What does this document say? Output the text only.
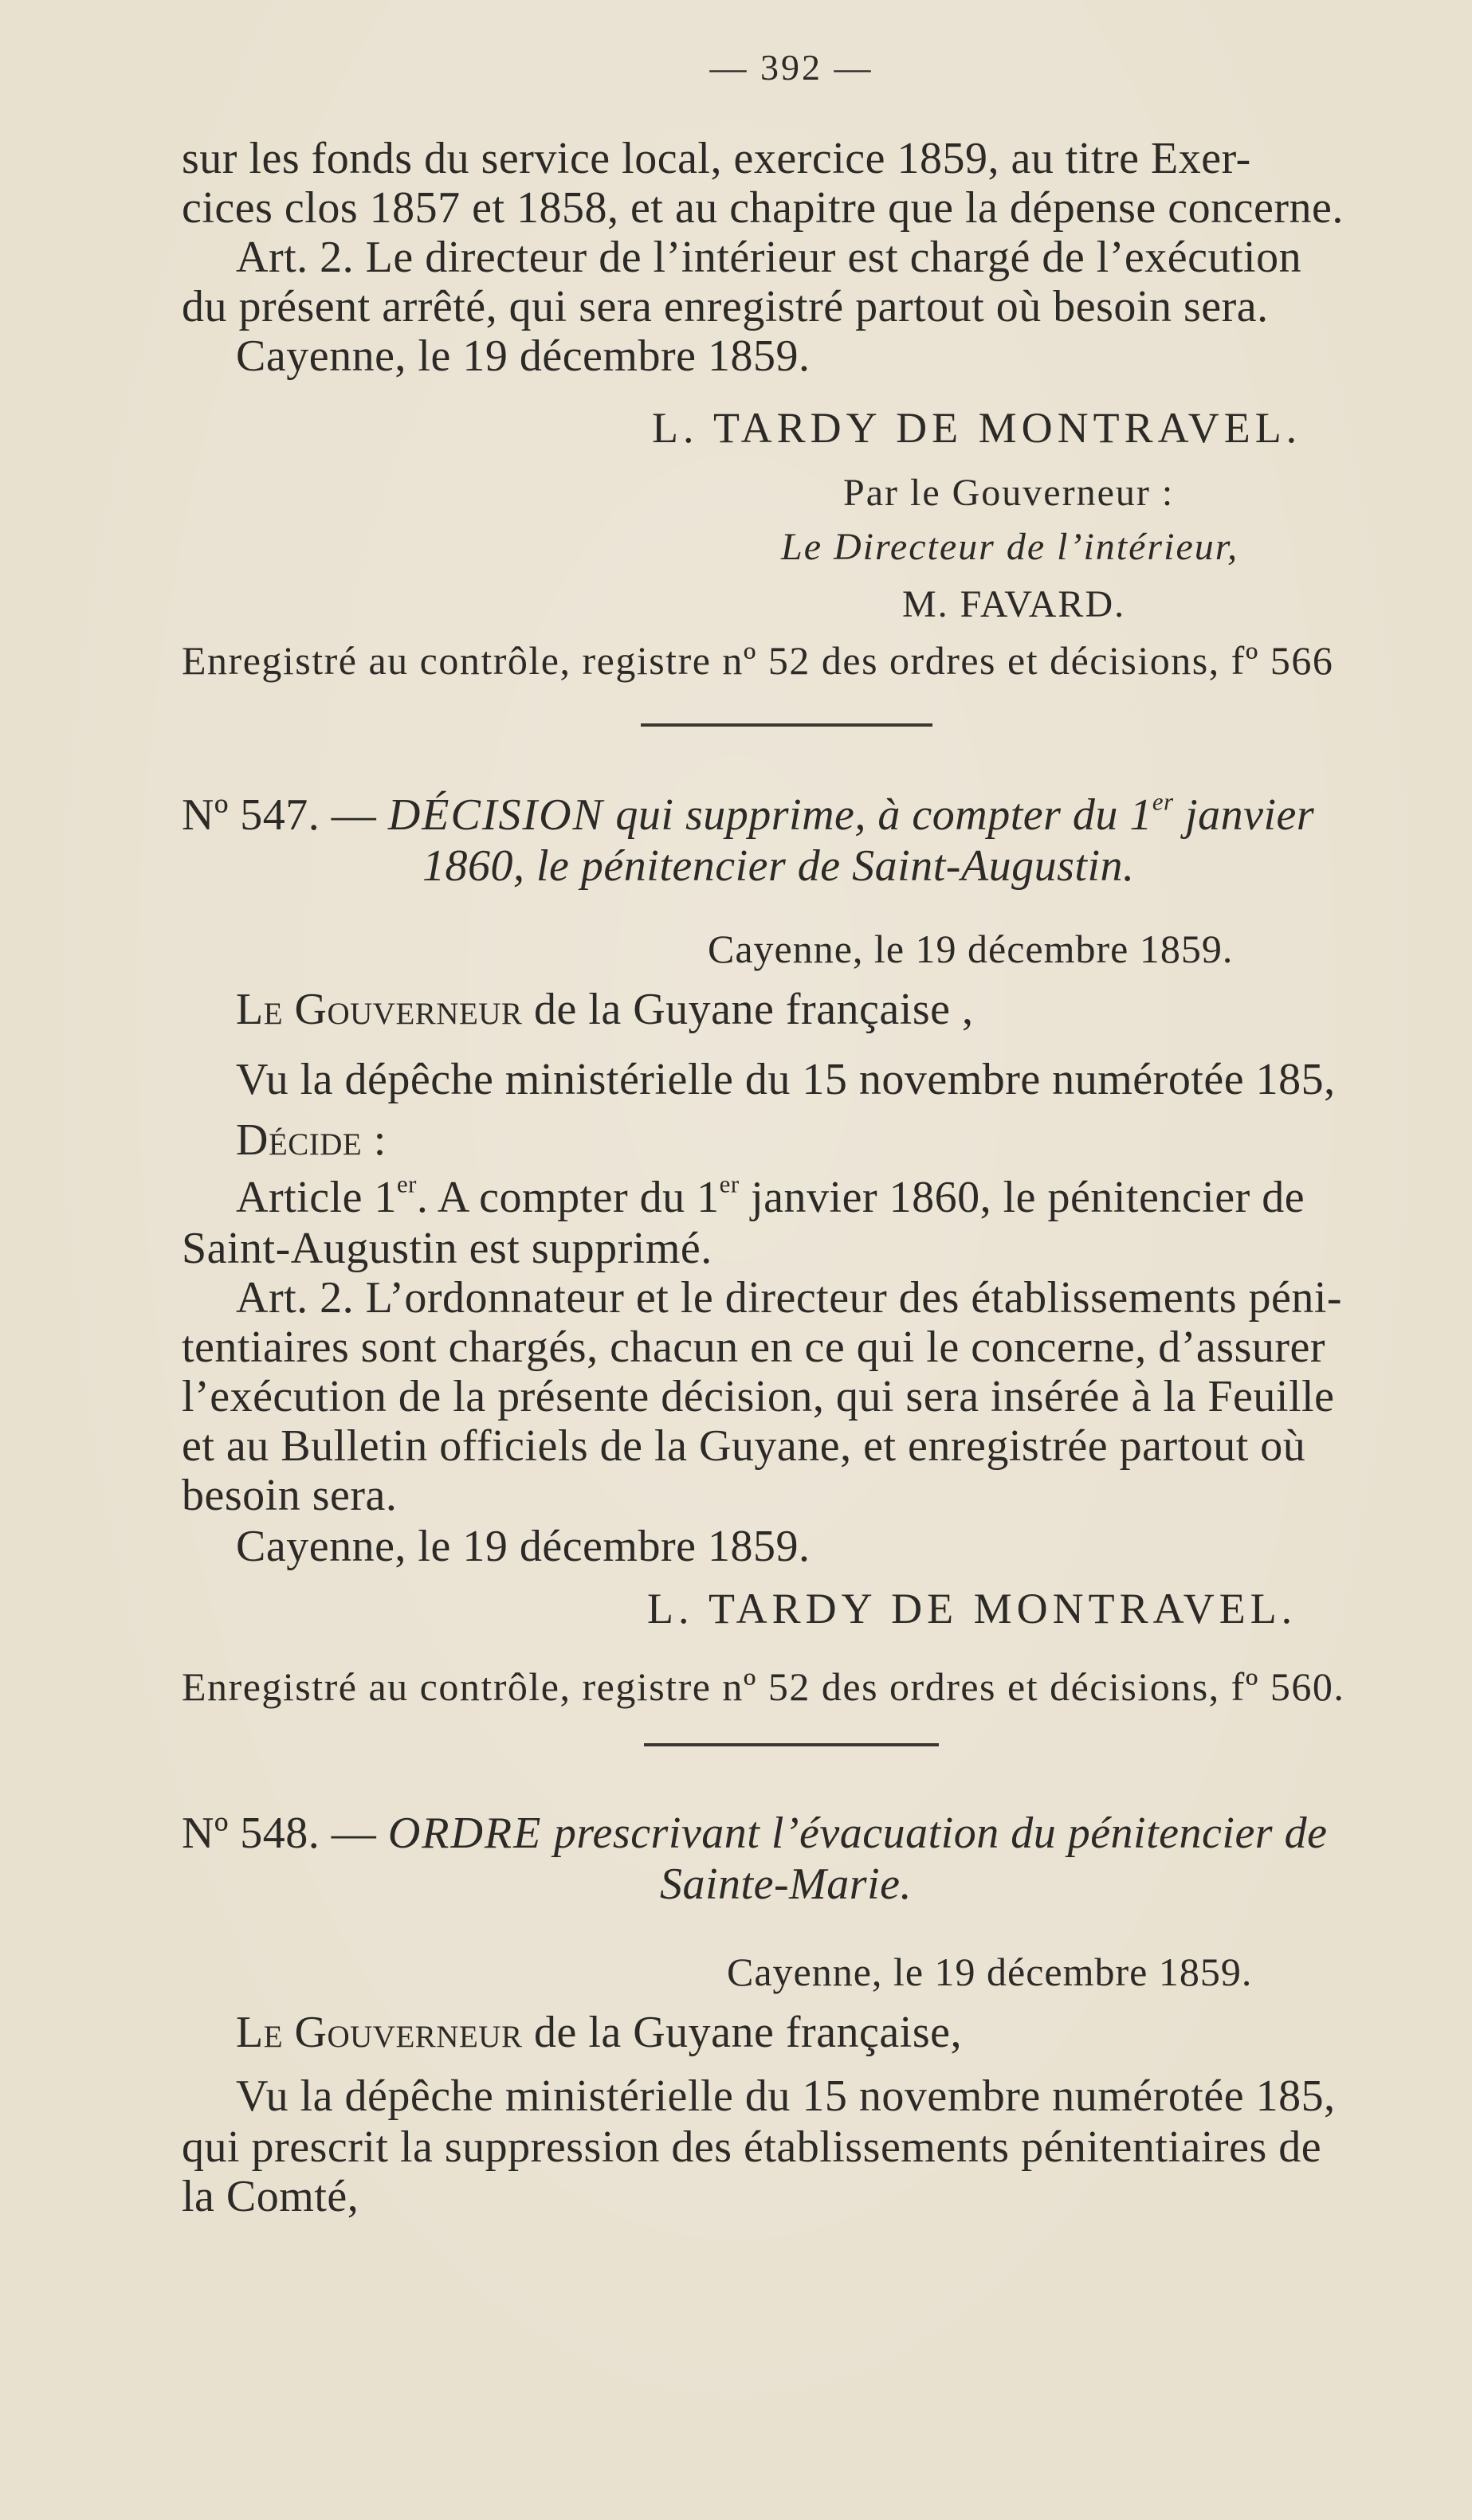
— 392 —
sur les fonds du service local, exercice 1859, au titre Exer-
cices clos 1857 et 1858, et au chapitre que la dépense concerne.
Art. 2. Le directeur de l’intérieur est chargé de l’exécution
du présent arrêté, qui sera enregistré partout où besoin sera.
Cayenne, le 19 décembre 1859.
L. TARDY DE MONTRAVEL.
Par le Gouverneur :
Le Directeur de l’intérieur,
M. FAVARD.
Enregistré au contrôle, registre nº 52 des ordres et décisions, fº 566
Nº 547. — DÉCISION qui supprime, à compter du 1er janvier
1860, le pénitencier de Saint-Augustin.
Cayenne, le 19 décembre 1859.
Le Gouverneur de la Guyane française ,
Vu la dépêche ministérielle du 15 novembre numérotée 185,
Décide :
Article 1er. A compter du 1er janvier 1860, le pénitencier de
Saint-Augustin est supprimé.
Art. 2. L’ordonnateur et le directeur des établissements péni-
tentiaires sont chargés, chacun en ce qui le concerne, d’assurer
l’exécution de la présente décision, qui sera insérée à la Feuille
et au Bulletin officiels de la Guyane, et enregistrée partout où
besoin sera.
Cayenne, le 19 décembre 1859.
L. TARDY DE MONTRAVEL.
Enregistré au contrôle, registre nº 52 des ordres et décisions, fº 560.
Nº 548. — ORDRE prescrivant l’évacuation du pénitencier de
Sainte-Marie.
Cayenne, le 19 décembre 1859.
Le Gouverneur de la Guyane française,
Vu la dépêche ministérielle du 15 novembre numérotée 185,
qui prescrit la suppression des établissements pénitentiaires de
la Comté,
